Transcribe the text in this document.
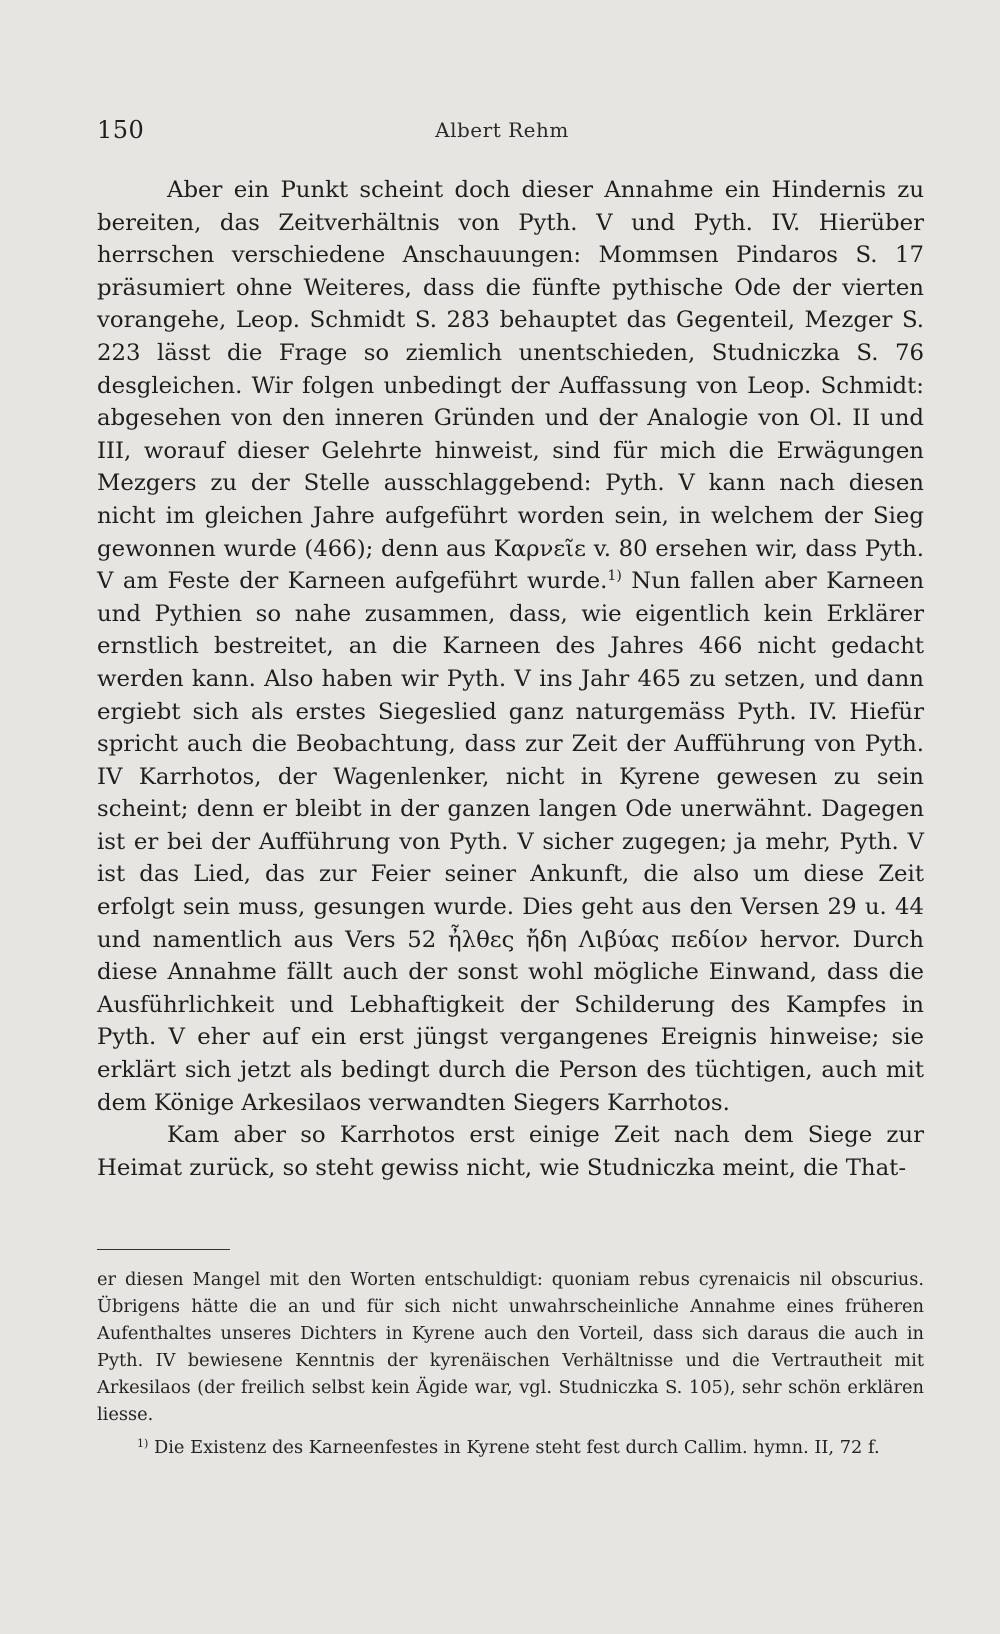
150	Albert Rehm

Aber ein Punkt scheint doch dieser Annahme ein Hindernis zu bereiten, das Zeitverhältnis von Pyth. V und Pyth. IV. Hierüber herrschen verschiedene Anschauungen: Mommsen Pindaros S. 17 präsumiert ohne Weiteres, dass die fünfte pythische Ode der vierten vorangehe, Leop. Schmidt S. 283 behauptet das Gegenteil, Mezger S. 223 lässt die Frage so ziemlich unentschieden, Studniczka S. 76 desgleichen. Wir folgen unbedingt der Auffassung von Leop. Schmidt: abgesehen von den inneren Gründen und der Analogie von Ol. II und III, worauf dieser Gelehrte hinweist, sind für mich die Erwägungen Mezgers zu der Stelle ausschlaggebend: Pyth. V kann nach diesen nicht im gleichen Jahre aufgeführt worden sein, in welchem der Sieg gewonnen wurde (466); denn aus Καρνεῖε v. 80 ersehen wir, dass Pyth. V am Feste der Karneen aufgeführt wurde.$^{1)}$ Nun fallen aber Karneen und Pythien so nahe zusammen, dass, wie eigentlich kein Erklärer ernstlich bestreitet, an die Karneen des Jahres 466 nicht gedacht werden kann. Also haben wir Pyth. V ins Jahr 465 zu setzen, und dann ergiebt sich als erstes Siegeslied ganz naturgemäss Pyth. IV. Hiefür spricht auch die Beobachtung, dass zur Zeit der Aufführung von Pyth. IV Karrhotos, der Wagenlenker, nicht in Kyrene gewesen zu sein scheint; denn er bleibt in der ganzen langen Ode unerwähnt. Dagegen ist er bei der Aufführung von Pyth. V sicher zugegen; ja mehr, Pyth. V ist das Lied, das zur Feier seiner Ankunft, die also um diese Zeit erfolgt sein muss, gesungen wurde. Dies geht aus den Versen 29 u. 44 und namentlich aus Vers 52 ἦλθες ἤδη Λιβύας πεδίον hervor. Durch diese Annahme fällt auch der sonst wohl mögliche Einwand, dass die Ausführlichkeit und Lebhaftigkeit der Schilderung des Kampfes in Pyth. V eher auf ein erst jüngst vergangenes Ereignis hinweise; sie erklärt sich jetzt als bedingt durch die Person des tüchtigen, auch mit dem Könige Arkesilaos verwandten Siegers Karrhotos.

Kam aber so Karrhotos erst einige Zeit nach dem Siege zur Heimat zurück, so steht gewiss nicht, wie Studniczka meint, die That-

er diesen Mangel mit den Worten entschuldigt: quoniam rebus cyrenaicis nil obscurius. Übrigens hätte die an und für sich nicht unwahrscheinliche Annahme eines früheren Aufenthaltes unseres Dichters in Kyrene auch den Vorteil, dass sich daraus die auch in Pyth. IV bewiesene Kenntnis der kyrenäischen Verhältnisse und die Vertrautheit mit Arkesilaos (der freilich selbst kein Ägide war, vgl. Studniczka S. 105), sehr schön erklären liesse.

$^{1)}$ Die Existenz des Karneenfestes in Kyrene steht fest durch Callim. hymn. II, 72 f.
